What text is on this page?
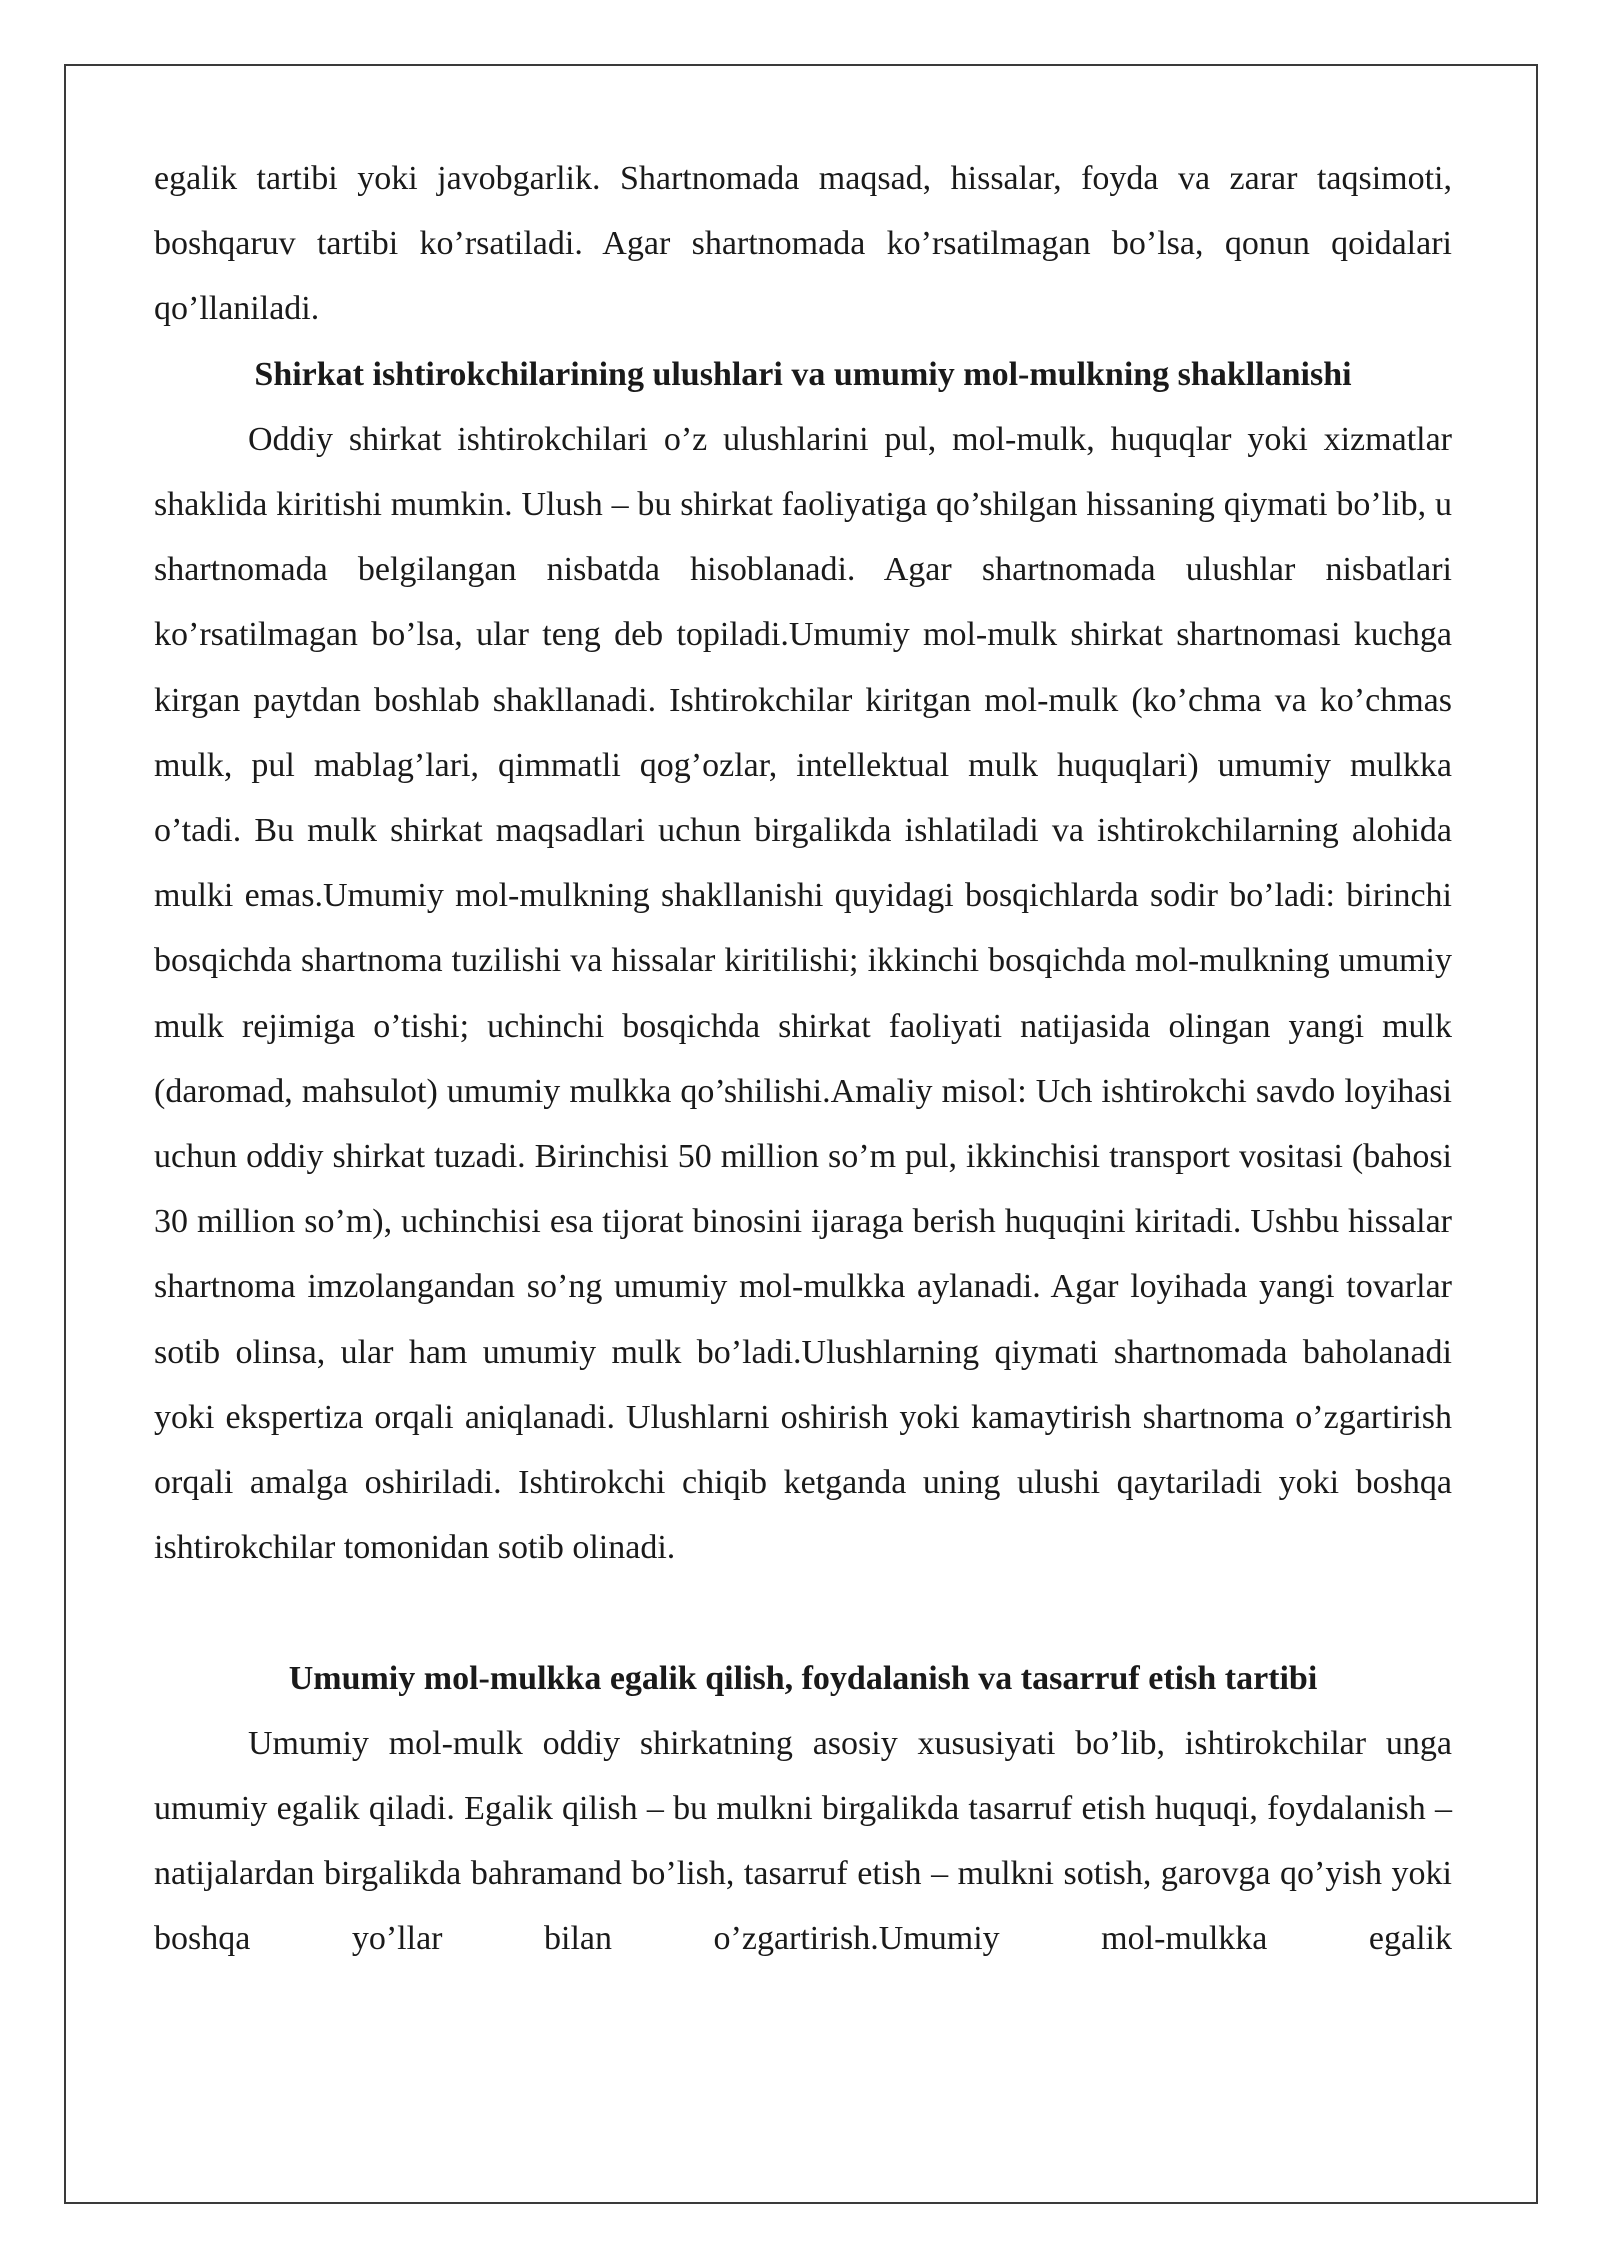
egalik tartibi yoki javobgarlik. Shartnomada maqsad, hissalar, foyda va zarar taqsimoti, boshqaruv tartibi ko’rsatiladi. Agar shartnomada ko’rsatilmagan bo’lsa, qonun qoidalari qo’llaniladi.

Shirkat ishtirokchilarining ulushlari va umumiy mol-mulkning shakllanishi

Oddiy shirkat ishtirokchilari o’z ulushlarini pul, mol-mulk, huquqlar yoki xizmatlar shaklida kiritishi mumkin. Ulush – bu shirkat faoliyatiga qo’shilgan hissaning qiymati bo’lib, u shartnomada belgilangan nisbatda hisoblanadi. Agar shartnomada ulushlar nisbatlari ko’rsatilmagan bo’lsa, ular teng deb topiladi.Umumiy mol-mulk shirkat shartnomasi kuchga kirgan paytdan boshlab shakllanadi. Ishtirokchilar kiritgan mol-mulk (ko’chma va ko’chmas mulk, pul mablag’lari, qimmatli qog’ozlar, intellektual mulk huquqlari) umumiy mulkka o’tadi. Bu mulk shirkat maqsadlari uchun birgalikda ishlatiladi va ishtirokchilarning alohida mulki emas.Umumiy mol-mulkning shakllanishi quyidagi bosqichlarda sodir bo’ladi: birinchi bosqichda shartnoma tuzilishi va hissalar kiritilishi; ikkinchi bosqichda mol-mulkning umumiy mulk rejimiga o’tishi; uchinchi bosqichda shirkat faoliyati natijasida olingan yangi mulk (daromad, mahsulot) umumiy mulkka qo’shilishi.Amaliy misol: Uch ishtirokchi savdo loyihasi uchun oddiy shirkat tuzadi. Birinchisi 50 million so’m pul, ikkinchisi transport vositasi (bahosi 30 million so’m), uchinchisi esa tijorat binosini ijaraga berish huquqini kiritadi. Ushbu hissalar shartnoma imzolangandan so’ng umumiy mol-mulkka aylanadi. Agar loyihada yangi tovarlar sotib olinsa, ular ham umumiy mulk bo’ladi.Ulushlarning qiymati shartnomada baholanadi yoki ekspertiza orqali aniqlanadi. Ulushlarni oshirish yoki kamaytirish shartnoma o’zgartirish orqali amalga oshiriladi. Ishtirokchi chiqib ketganda uning ulushi qaytariladi yoki boshqa ishtirokchilar tomonidan sotib olinadi.

Umumiy mol-mulkka egalik qilish, foydalanish va tasarruf etish tartibi

Umumiy mol-mulk oddiy shirkatning asosiy xususiyati bo’lib, ishtirokchilar unga umumiy egalik qiladi. Egalik qilish – bu mulkni birgalikda tasarruf etish huquqi, foydalanish – natijalardan birgalikda bahramand bo’lish, tasarruf etish – mulkni sotish, garovga qo’yish yoki boshqa yo’llar bilan o’zgartirish.Umumiy mol-mulkka egalik
